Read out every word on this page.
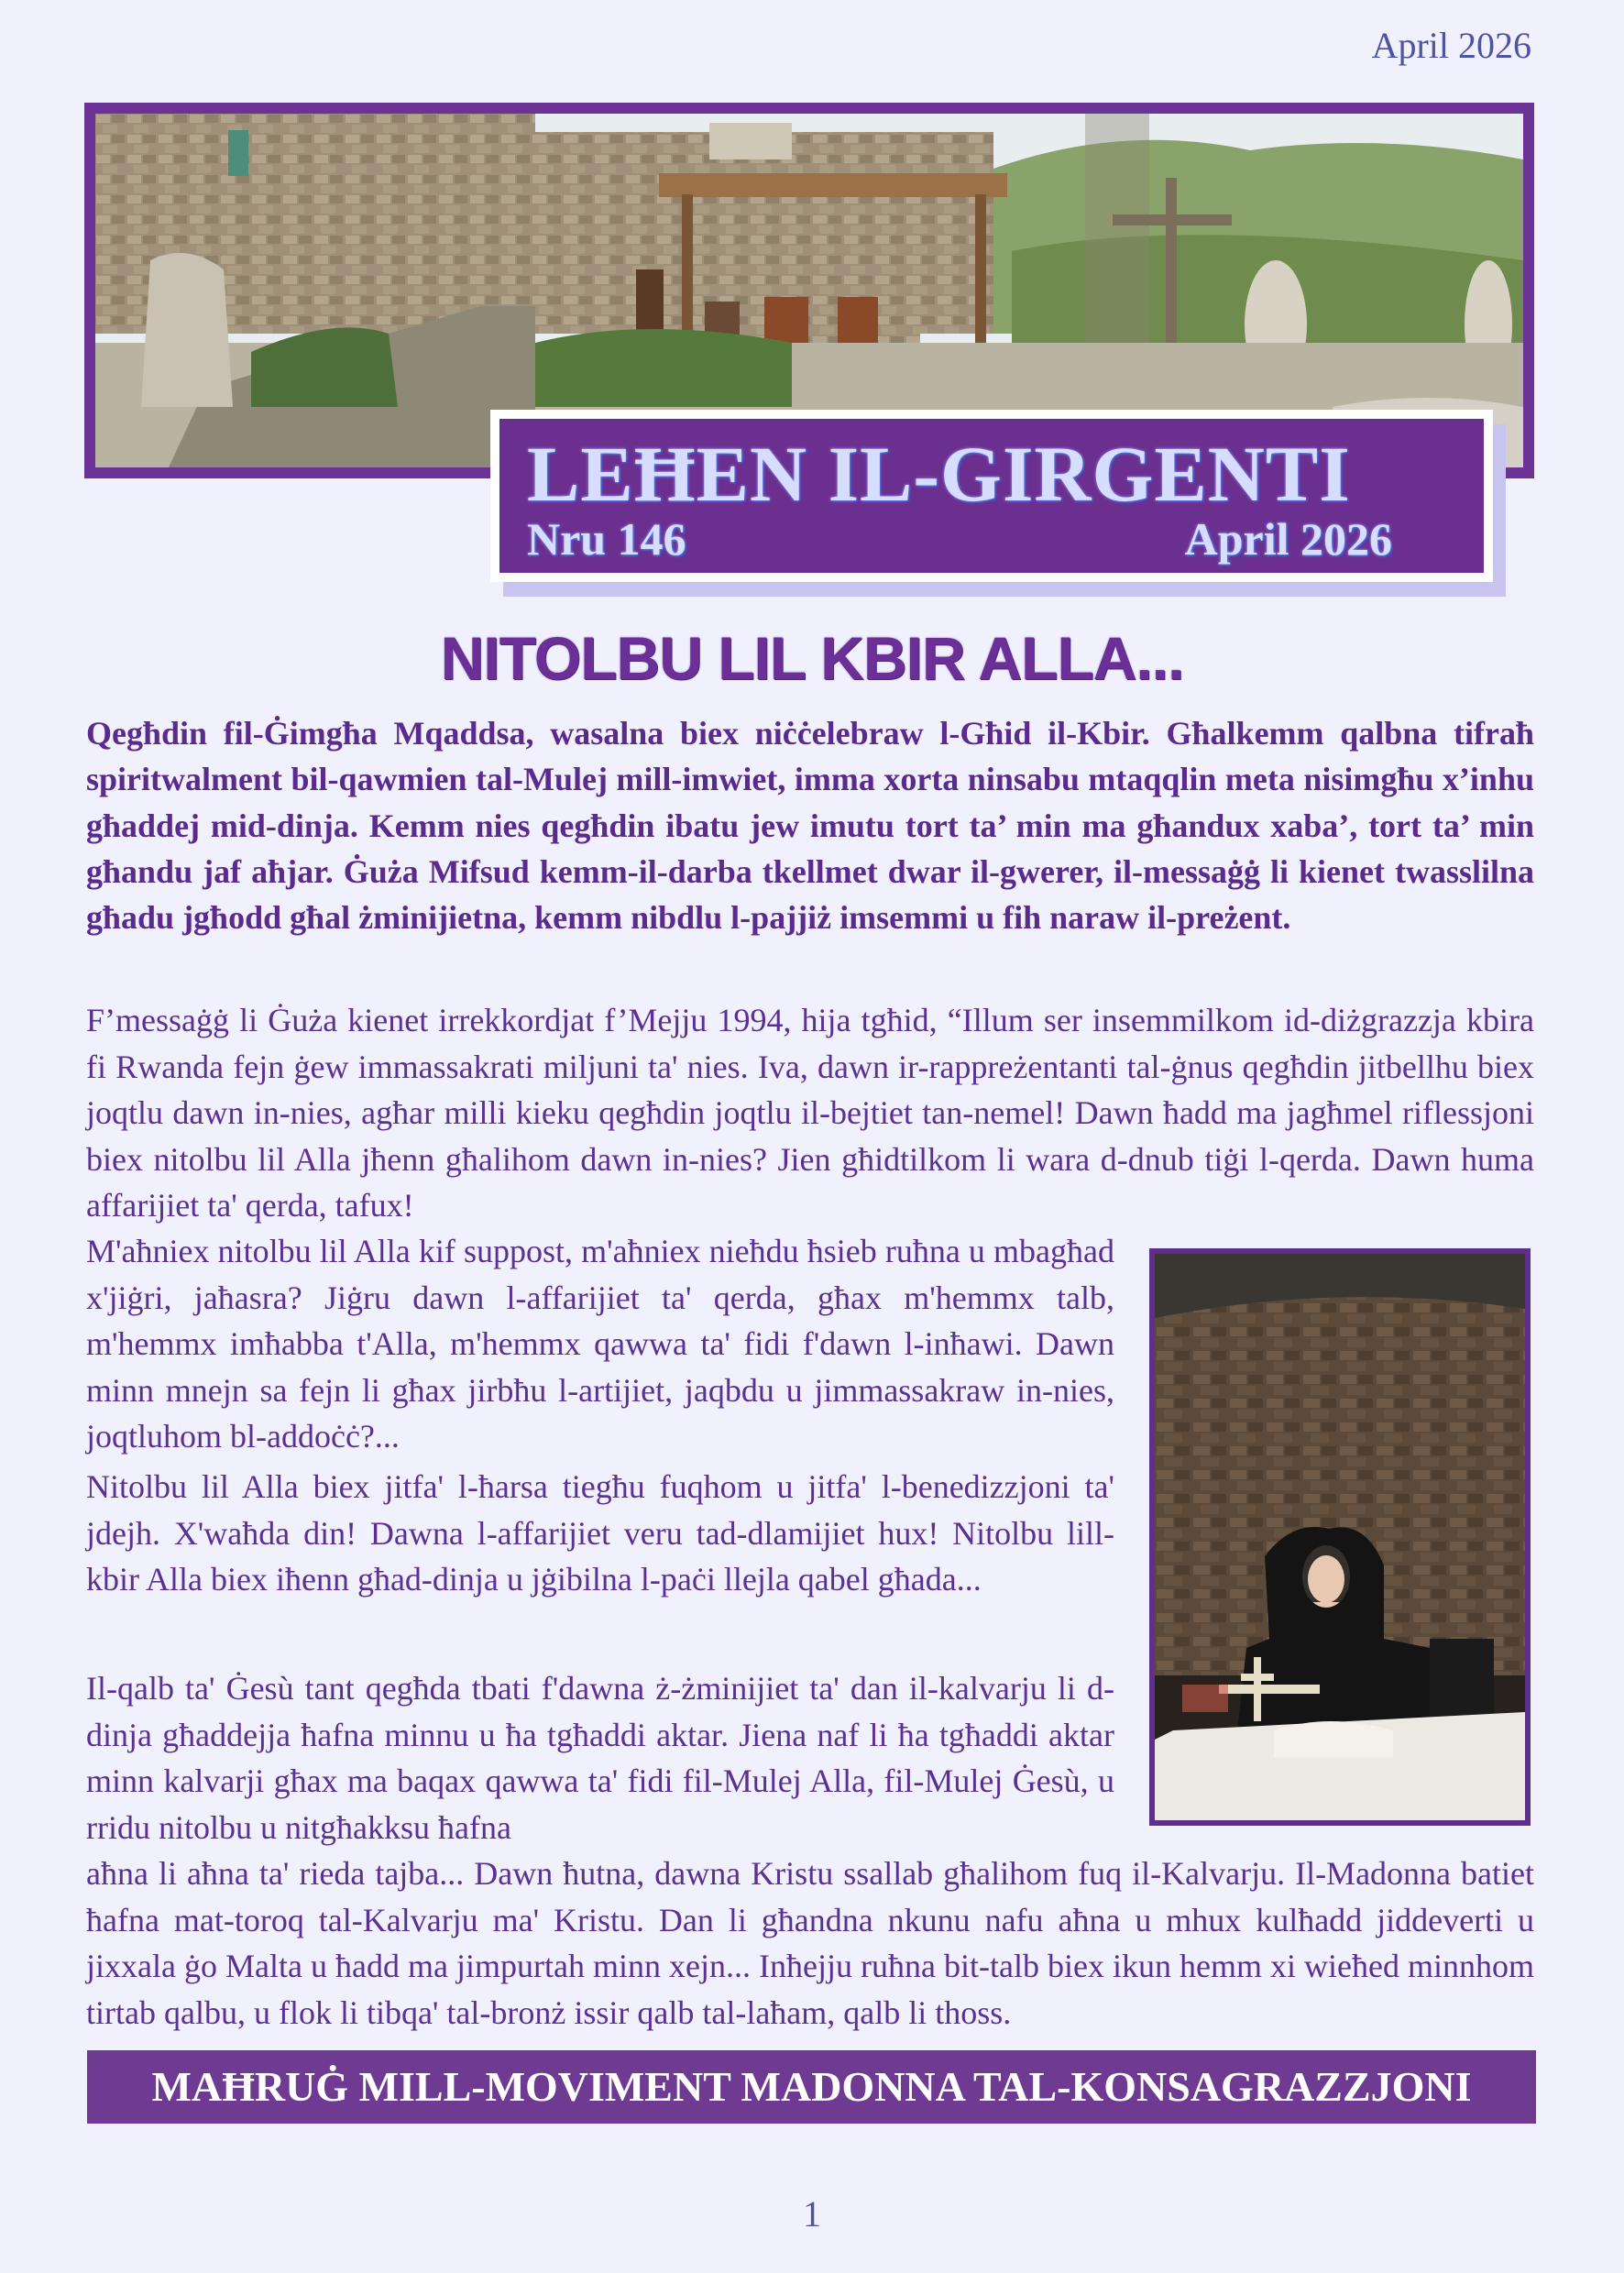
April 2026
LEĦEN IL-GIRGENTI
Nru 146	April 2026
NITOLBU LIL KBIR ALLA...

Qegħdin fil-Ġimgħa Mqaddsa, wasalna biex niċċelebraw l-Għid il-Kbir. Għalkemm qalbna tifraħ spiritwalment bil-qawmien tal-Mulej mill-imwiet, imma xorta ninsabu mtaqqlin meta nisimgħu x’inhu għaddej mid-dinja. Kemm nies qegħdin ibatu jew imutu tort ta’ min ma għandux xaba’, tort ta’ min għandu jaf aħjar. Ġuża Mifsud kemm-il-darba tkellmet dwar il-gwerer, il-messaġġ li kienet twasslilna għadu jgħodd għal żminijietna, kemm nibdlu l-pajjiż imsemmi u fih naraw il-preżent.

F’messaġġ li Ġuża kienet irrekkordjat f’Mejju 1994, hija tgħid, “Illum ser insemmilkom id-diżgrazzja kbira fi Rwanda fejn ġew immassakrati miljuni ta' nies. Iva, dawn ir-rappreżentanti tal-ġnus qegħdin jitbellhu biex joqtlu dawn in-nies, agħar milli kieku qegħdin joqtlu il-bejtiet tan-nemel! Dawn ħadd ma jagħmel riflessjoni biex nitolbu lil Alla jħenn għalihom dawn in-nies? Jien għidtilkom li wara d-dnub tiġi l-qerda. Dawn huma affarijiet ta' qerda, tafux!

M'aħniex nitolbu lil Alla kif suppost, m'aħniex nieħdu ħsieb ruħna u mbagħad x'jiġri, jaħasra? Jiġru dawn l-affarijiet ta' qerda, għax m'hemmx talb, m'hemmx imħabba t'Alla, m'hemmx qawwa ta' fidi f'dawn l-inħawi. Dawn minn mnejn sa fejn li għax jirbħu l-artijiet, jaqbdu u jimmassakraw in-nies, joqtluhom bl-addoċċ?...

Nitolbu lil Alla biex jitfa' l-ħarsa tiegħu fuqhom u jitfa' l-benedizzjoni ta' jdejh. X'waħda din! Dawna l-affarijiet veru tad-dlamijiet hux! Nitolbu lill-kbir Alla biex iħenn għad-dinja u jġibilna l-paċi llejla qabel għada...

Il-qalb ta' Ġesù tant qegħda tbati f'dawna ż-żminijiet ta' dan il-kalvarju li d-dinja għaddejja ħafna minnu u ħa tgħaddi aktar. Jiena naf li ħa tgħaddi aktar minn kalvarji għax ma baqax qawwa ta' fidi fil-Mulej Alla, fil-Mulej Ġesù, u rridu nitolbu u nitgħakksu ħafna

aħna li aħna ta' rieda tajba... Dawn ħutna, dawna Kristu ssallab għalihom fuq il-Kalvarju. Il-Madonna batiet ħafna mat-toroq tal-Kalvarju ma' Kristu. Dan li għandna nkunu nafu aħna u mhux kulħadd jiddeverti u jixxala ġo Malta u ħadd ma jimpurtah minn xejn... Inħejju ruħna bit-talb biex ikun hemm xi wieħed minnhom tirtab qalbu, u flok li tibqa' tal-bronż issir qalb tal-laħam, qalb li thoss.

MAĦRUĠ MILL-MOVIMENT MADONNA TAL-KONSAGRAZZJONI
1
